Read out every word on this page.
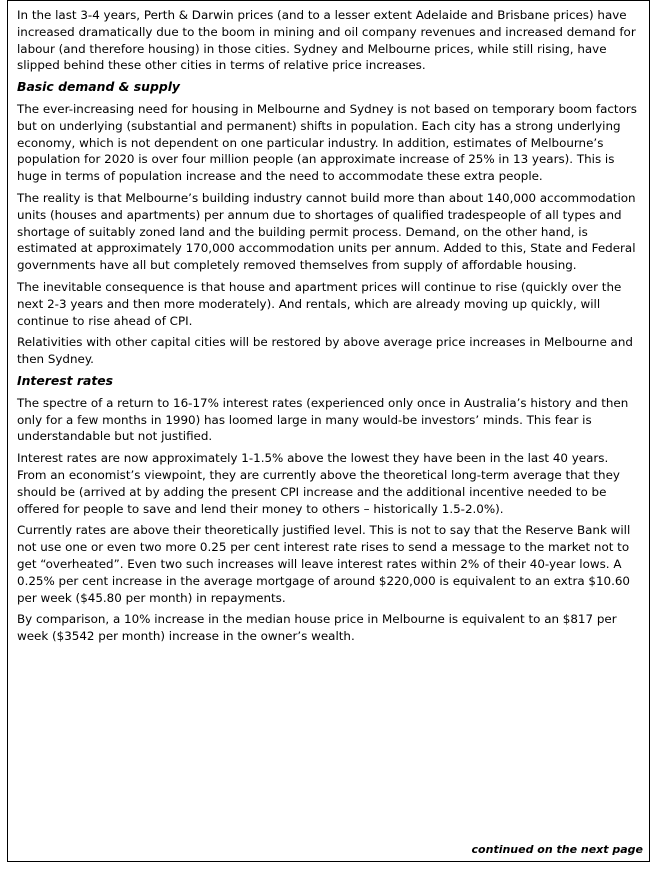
In the last 3-4 years, Perth & Darwin prices (and to a lesser extent Adelaide and Brisbane prices) have increased dramatically due to the boom in mining and oil company revenues and increased demand for labour (and therefore housing) in those cities. Sydney and Melbourne prices, while still rising, have slipped behind these other cities in terms of relative price increases.

Basic demand & supply

The ever-increasing need for housing in Melbourne and Sydney is not based on temporary boom factors but on underlying (substantial and permanent) shifts in population. Each city has a strong underlying economy, which is not dependent on one particular industry. In addition, estimates of Melbourne’s population for 2020 is over four million people (an approximate increase of 25% in 13 years). This is huge in terms of population increase and the need to accommodate these extra people.

The reality is that Melbourne’s building industry cannot build more than about 140,000 accommodation units (houses and apartments) per annum due to shortages of qualified tradespeople of all types and shortage of suitably zoned land and the building permit process. Demand, on the other hand, is estimated at approximately 170,000 accommodation units per annum. Added to this, State and Federal governments have all but completely removed themselves from supply of affordable housing.

The inevitable consequence is that house and apartment prices will continue to rise (quickly over the next 2-3 years and then more moderately). And rentals, which are already moving up quickly, will continue to rise ahead of CPI.

Relativities with other capital cities will be restored by above average price increases in Melbourne and then Sydney.

Interest rates

The spectre of a return to 16-17% interest rates (experienced only once in Australia’s history and then only for a few months in 1990) has loomed large in many would-be investors’ minds. This fear is understandable but not justified.

Interest rates are now approximately 1-1.5% above the lowest they have been in the last 40 years. From an economist’s viewpoint, they are currently above the theoretical long-term average that they should be (arrived at by adding the present CPI increase and the additional incentive needed to be offered for people to save and lend their money to others – historically 1.5-2.0%).

Currently rates are above their theoretically justified level. This is not to say that the Reserve Bank will not use one or even two more 0.25 per cent interest rate rises to send a message to the market not to get “overheated”. Even two such increases will leave interest rates within 2% of their 40-year lows. A 0.25% per cent increase in the average mortgage of around $220,000 is equivalent to an extra $10.60 per week ($45.80 per month) in repayments.

By comparison, a 10% increase in the median house price in Melbourne is equivalent to an $817 per week ($3542 per month) increase in the owner’s wealth.

continued on the next page
